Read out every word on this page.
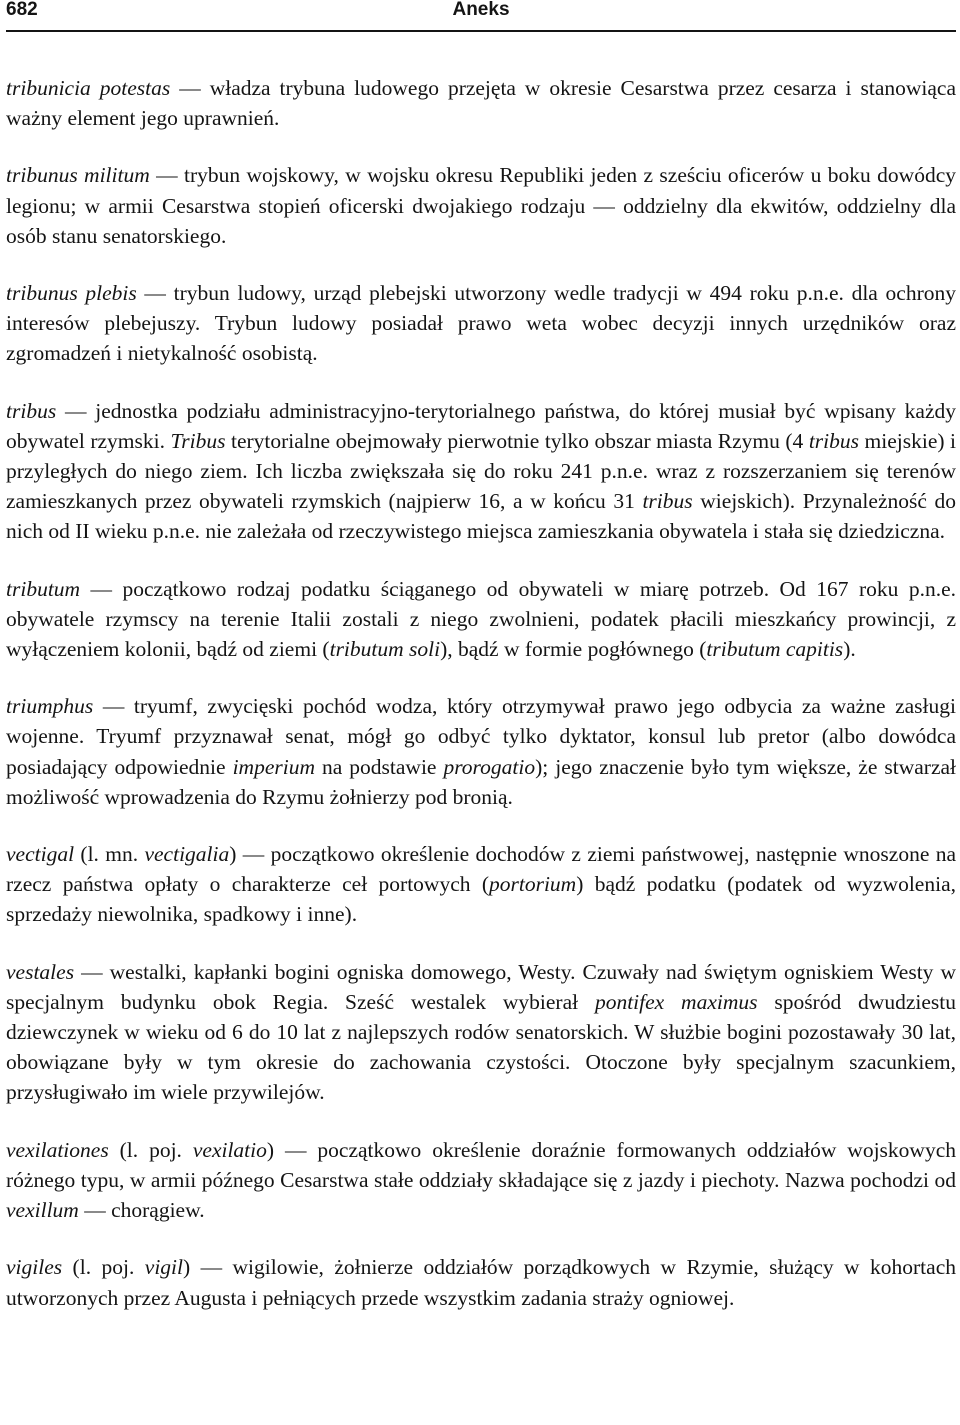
682	Aneks

tribunicia potestas — władza trybuna ludowego przejęta w okresie Cesarstwa przez cesarza i stanowiąca ważny element jego uprawnień.

tribunus militum — trybun wojskowy, w wojsku okresu Republiki jeden z sześciu oficerów u boku dowódcy legionu; w armii Cesarstwa stopień oficerski dwojakiego rodzaju — oddzielny dla ekwitów, oddzielny dla osób stanu senatorskiego.

tribunus plebis — trybun ludowy, urząd plebejski utworzony wedle tradycji w 494 roku p.n.e. dla ochrony interesów plebejuszy. Trybun ludowy posiadał prawo weta wobec decyzji innych urzędników oraz zgromadzeń i nietykalność osobistą.

tribus — jednostka podziału administracyjno-terytorialnego państwa, do której musiał być wpisany każdy obywatel rzymski. Tribus terytorialne obejmowały pierwotnie tylko obszar miasta Rzymu (4 tribus miejskie) i przyległych do niego ziem. Ich liczba zwiększała się do roku 241 p.n.e. wraz z rozszerzaniem się terenów zamieszkanych przez obywateli rzymskich (najpierw 16, a w końcu 31 tribus wiejskich). Przynależność do nich od II wieku p.n.e. nie zależała od rzeczywistego miejsca zamieszkania obywatela i stała się dziedziczna.

tributum — początkowo rodzaj podatku ściąganego od obywateli w miarę potrzeb. Od 167 roku p.n.e. obywatele rzymscy na terenie Italii zostali z niego zwolnieni, podatek płacili mieszkańcy prowincji, z wyłączeniem kolonii, bądź od ziemi (tributum soli), bądź w formie pogłównego (tributum capitis).

triumphus — tryumf, zwycięski pochód wodza, który otrzymywał prawo jego odbycia za ważne zasługi wojenne. Tryumf przyznawał senat, mógł go odbyć tylko dyktator, konsul lub pretor (albo dowódca posiadający odpowiednie imperium na podstawie prorogatio); jego znaczenie było tym większe, że stwarzał możliwość wprowadzenia do Rzymu żołnierzy pod bronią.

vectigal (l. mn. vectigalia) — początkowo określenie dochodów z ziemi państwowej, następnie wnoszone na rzecz państwa opłaty o charakterze ceł portowych (portorium) bądź podatku (podatek od wyzwolenia, sprzedaży niewolnika, spadkowy i inne).

vestales — westalki, kapłanki bogini ogniska domowego, Westy. Czuwały nad świętym ogniskiem Westy w specjalnym budynku obok Regia. Sześć westalek wybierał pontifex maximus spośród dwudziestu dziewczynek w wieku od 6 do 10 lat z najlepszych rodów senatorskich. W służbie bogini pozostawały 30 lat, obowiązane były w tym okresie do zachowania czystości. Otoczone były specjalnym szacunkiem, przysługiwało im wiele przywilejów.

vexilationes (l. poj. vexilatio) — początkowo określenie doraźnie formowanych oddziałów wojskowych różnego typu, w armii późnego Cesarstwa stałe oddziały składające się z jazdy i piechoty. Nazwa pochodzi od vexillum — chorągiew.

vigiles (l. poj. vigil) — wigilowie, żołnierze oddziałów porządkowych w Rzymie, służący w kohortach utworzonych przez Augusta i pełniących przede wszystkim zadania straży ogniowej.
